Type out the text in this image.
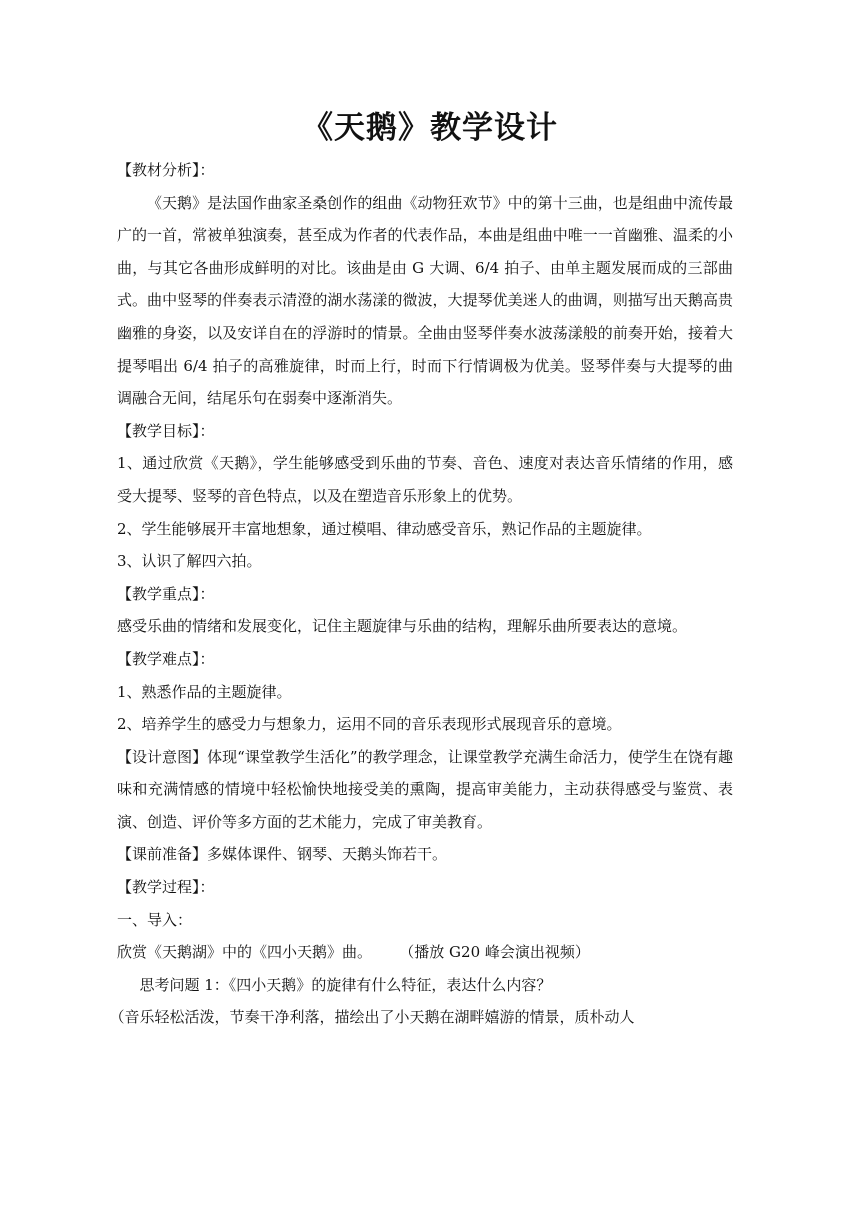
《天鹅》教学设计

【教材分析】：

《天鹅》是法国作曲家圣桑创作的组曲《动物狂欢节》中的第十三曲，也是组曲中流传最广的一首，常被单独演奏，甚至成为作者的代表作品，本曲是组曲中唯一一首幽雅、温柔的小曲，与其它各曲形成鲜明的对比。该曲是由 G 大调、6/4 拍子、由单主题发展而成的三部曲式。曲中竖琴的伴奏表示清澄的湖水荡漾的微波，大提琴优美迷人的曲调，则描写出天鹅高贵幽雅的身姿，以及安详自在的浮游时的情景。全曲由竖琴伴奏水波荡漾般的前奏开始，接着大提琴唱出 6/4 拍子的高雅旋律，时而上行，时而下行情调极为优美。竖琴伴奏与大提琴的曲调融合无间，结尾乐句在弱奏中逐渐消失。

【教学目标】：

1、通过欣赏《天鹅》，学生能够感受到乐曲的节奏、音色、速度对表达音乐情绪的作用，感受大提琴、竖琴的音色特点，以及在塑造音乐形象上的优势。

2、学生能够展开丰富地想象，通过模唱、律动感受音乐，熟记作品的主题旋律。

3、认识了解四六拍。

【教学重点】：

感受乐曲的情绪和发展变化，记住主题旋律与乐曲的结构，理解乐曲所要表达的意境。

【教学难点】：

1、熟悉作品的主题旋律。

2、培养学生的感受力与想象力，运用不同的音乐表现形式展现音乐的意境。

【设计意图】体现“课堂教学生活化”的教学理念，让课堂教学充满生命活力，使学生在饶有趣味和充满情感的情境中轻松愉快地接受美的熏陶，提高审美能力，主动获得感受与鉴赏、表演、创造、评价等多方面的艺术能力，完成了审美教育。

【课前准备】多媒体课件、钢琴、天鹅头饰若干。

【教学过程】：

一、导入：

欣赏《天鹅湖》中的《四小天鹅》曲。　　 （播放 G20 峰会演出视频）

思考问题 1：《四小天鹅》的旋律有什么特征，表达什么内容？

（音乐轻松活泼，节奏干净利落，描绘出了小天鹅在湖畔嬉游的情景，质朴动人
